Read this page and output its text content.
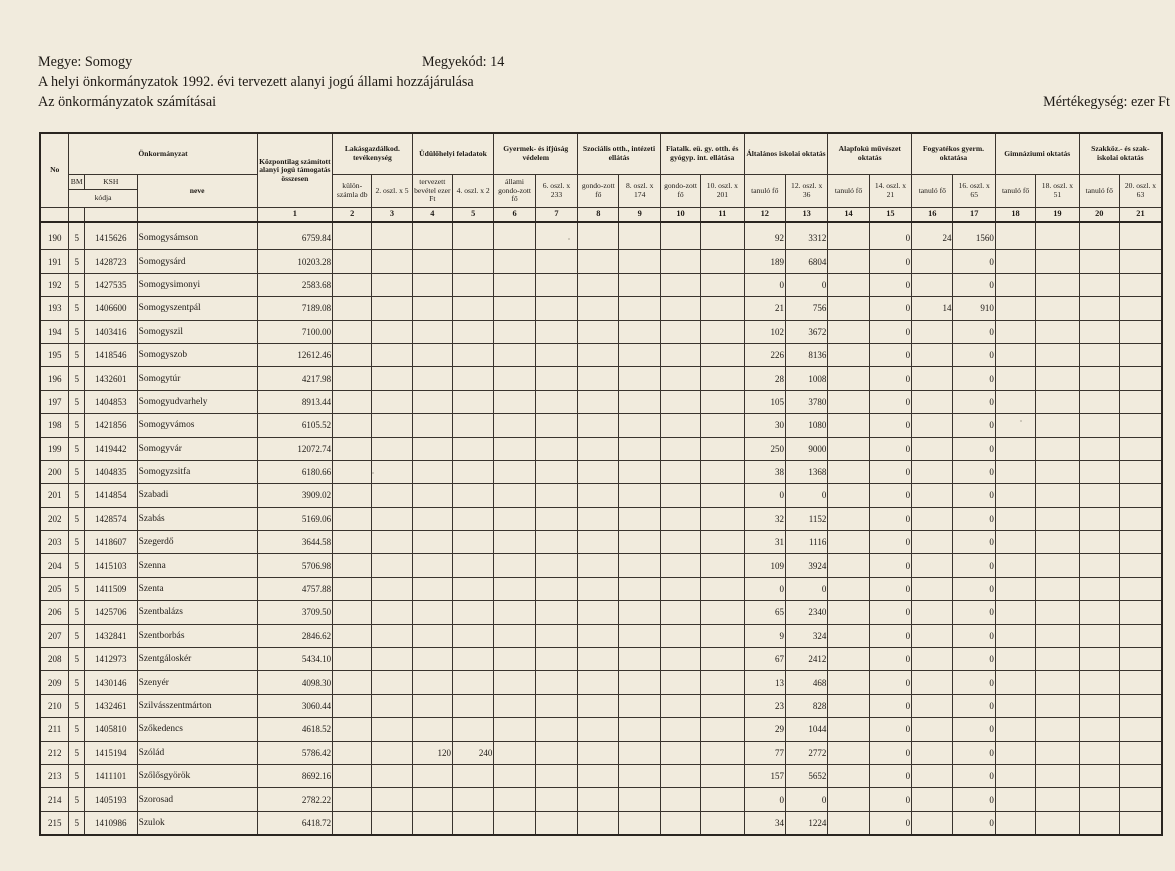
Megye: Somogy	Megyekód: 14
A helyi önkormányzatok 1992. évi tervezett alanyi jogú állami hozzájárulása
Az önkormányzatok számításai	Mértékegység: ezer Ft
No	Önkormányzat			Központilag számított alanyi jogú támogatás összesen	Lakásgazdálkod. tevékenység		Üdülőhelyi feladatok		Gyermek- és ifjúság védelem		Szociális otth., intézeti ellátás		Fiatalk. eü. gy. otth. és gyógyp. int. ellátása		Általános iskolai oktatás		Alapfokú művészet oktatás		Fogyatékos gyerm. oktatása		Gimnáziumi oktatás		Szakköz.- és szak-iskolai oktatás	
	BM	KSH	neve		külön-számla db	2. oszl. x 5	tervezett bevétel ezer Ft	4. oszl. x 2	állami gondo-zott fő	6. oszl. x 233	gondo-zott fő	8. oszl. x 174	gondo-zott fő	10. oszl. x 201	tanuló fő	12. oszl. x 36	tanuló fő	14. oszl. x 21	tanuló fő	16. oszl. x 65	tanuló fő	18. oszl. x 51	tanuló fő	20. oszl. x 63
	kódja																							
				1	2	3	4	5	6	7	8	9	10	11	12	13	14	15	16	17	18	19	20	21
190	5	1415626	Somogysámson	6759.84											92	3312		0	24	1560				
191	5	1428723	Somogysárd	10203.28											189	6804		0		0				
192	5	1427535	Somogysimonyi	2583.68											0	0		0		0				
193	5	1406600	Somogyszentpál	7189.08											21	756		0	14	910				
194	5	1403416	Somogyszil	7100.00											102	3672		0		0				
195	5	1418546	Somogyszob	12612.46											226	8136		0		0				
196	5	1432601	Somogytúr	4217.98											28	1008		0		0				
197	5	1404853	Somogyudvarhely	8913.44											105	3780		0		0				
198	5	1421856	Somogyvámos	6105.52											30	1080		0		0				
199	5	1419442	Somogyvár	12072.74											250	9000		0		0				
200	5	1404835	Somogyzsitfa	6180.66											38	1368		0		0				
201	5	1414854	Szabadi	3909.02											0	0		0		0				
202	5	1428574	Szabás	5169.06											32	1152		0		0				
203	5	1418607	Szegerdő	3644.58											31	1116		0		0				
204	5	1415103	Szenna	5706.98											109	3924		0		0				
205	5	1411509	Szenta	4757.88											0	0		0		0				
206	5	1425706	Szentbalázs	3709.50											65	2340		0		0				
207	5	1432841	Szentborbás	2846.62											9	324		0		0				
208	5	1412973	Szentgáloskér	5434.10											67	2412		0		0				
209	5	1430146	Szenyér	4098.30											13	468		0		0				
210	5	1432461	Szilvásszentmárton	3060.44											23	828		0		0				
211	5	1405810	Szőkedencs	4618.52											29	1044		0		0				
212	5	1415194	Szólád	5786.42			120	240							77	2772		0		0				
213	5	1411101	Szőlősgyörök	8692.16											157	5652		0		0				
214	5	1405193	Szorosad	2782.22											0	0		0		0				
215	5	1410986	Szulok	6418.72											34	1224		0		0				
